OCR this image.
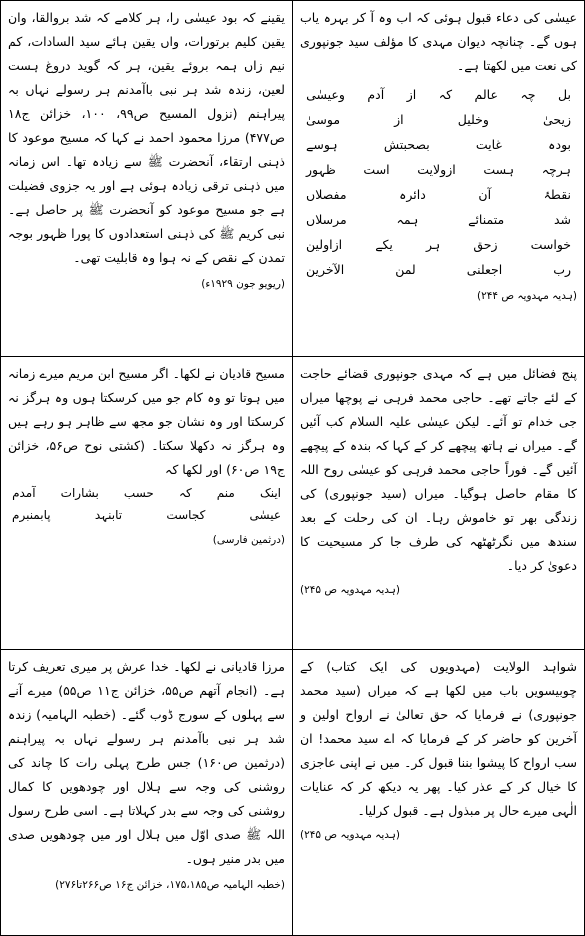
عیسٰی کی دعاء قبول ہوئی کہ اب وہ آ کر بہرہ یاب ہوں گے۔ چنانچہ دیوان مہدی کا مؤلف سید جونپوری کی نعت میں لکھتا ہے۔

بل
چہ
عالم
کہ
از
آدم
وعیسٰی
زیحیٰ
وخلیل
از
موسیٰ
بودہ
غایت
بصحبتش
ہوسے
ہرچہ
ہست
ازولایت
است
ظہور
نقطۂ
آن
دائرہ
مفصلاں
شد
متمنائے
ہمہ
مرسلاں
خواست
زحق
ہر
یکے
ازاولین
رب
اجعلنی
لمن
الآخرین
(ہدیہ مہدویہ ص ۲۴۴)

یقینے کہ بود عیسٰی را، ہر کلامے کہ شد بروالقا، وان یقین کلیم برتورات، واں یقین ہائے سید السادات، کم نیم زاں ہمہ بروئے یقین، ہر کہ گوید دروغ ہست لعین، زندہ شد ہر نبی باآمدنم ہر رسولے نہاں بہ پیراہنم (نزول المسیح ص۹۹، ۱۰۰، خزائن ج۱۸ ص۴۷۷) مرزا محمود احمد نے کہا کہ مسیح موعود کا ذہنی ارتقاء، آنحضرت ﷺ سے زیادہ تھا۔ اس زمانہ میں ذہنی ترقی زیادہ ہوئی ہے اور یہ جزوی فضیلت ہے جو مسیح موعود کو آنحضرت ﷺ پر حاصل ہے۔ نبی کریم ﷺ کی ذہنی استعدادوں کا پورا ظہور بوجہ تمدن کے نقص کے نہ ہوا وہ قابلیت تھی۔

(ریویو جون ۱۹۲۹ء)

پنج فضائل میں ہے کہ مہدی جونپوری قضائے حاجت کے لئے جاتے تھے۔ حاجی محمد فرہی نے پوچھا میراں جی خدام تو آئے۔ لیکن عیسٰی علیہ السلام کب آئیں گے۔ میراں نے ہاتھ پیچھے کر کے کہا کہ بندہ کے پیچھے آئیں گے۔ فوراً حاجی محمد فرہی کو عیسٰی روح اللہ کا مقام حاصل ہوگیا۔ میراں (سید جونپوری) کی زندگی بھر تو خاموش رہا۔ ان کی رحلت کے بعد سندھ میں نگرٹھٹھہ کی طرف جا کر مسیحیت کا دعویٰ کر دیا۔

(ہدیہ مہدویہ ص ۲۴۵)

مسیح قادیان نے لکھا۔ اگر مسیح ابن مریم میرے زمانہ میں ہوتا تو وہ کام جو میں کرسکتا ہوں وہ ہرگز نہ کرسکتا اور وہ نشان جو مجھ سے ظاہر ہو رہے ہیں وہ ہرگز نہ دکھلا سکتا۔ (کشتی نوح ص۵۶، خزائن ج۱۹ ص۶۰) اور لکھا کہ

اینک
منم
کہ
حسب
بشارات
آمدم
عیسٰی
کجاست
تابنہد
پابمنبرم
(درثمین فارسی)

شواہد الولایت (مہدویوں کی ایک کتاب) کے چوبیسویں باب میں لکھا ہے کہ میراں (سید محمد جونپوری) نے فرمایا کہ حق تعالیٰ نے ارواح اولین و آخرین کو حاضر کر کے فرمایا کہ اے سید محمد! ان سب ارواح کا پیشوا بننا قبول کر۔ میں نے اپنی عاجزی کا خیال کر کے عذر کیا۔ پھر یہ دیکھ کر کہ عنایات الٰہی میرے حال پر مبذول ہے۔ قبول کرلیا۔

(ہدیہ مہدویہ ص ۲۴۵)

مرزا قادیانی نے لکھا۔ خدا عرش پر میری تعریف کرتا ہے۔ (انجام آتھم ص۵۵، خزائن ج۱۱ ص۵۵) میرے آنے سے پہلوں کے سورج ڈوب گئے۔ (خطبہ الہامیہ) زندہ شد ہر نبی باآمدنم ہر رسولے نہاں بہ پیراہنم (درثمین ص۱۶۰) جس طرح پہلی رات کا چاند کی روشنی کی وجہ سے ہلال اور چودھویں کا کمال روشنی کی وجہ سے بدر کہلاتا ہے۔ اسی طرح رسول اللہ ﷺ صدی اوّل میں ہلال اور میں چودھویں صدی میں بدر منیر ہوں۔

(خطبہ الہامیہ ص۱۷۵،۱۸۵، خزائن ج۱۶ ص۲۶۶تا۲۷۶)
